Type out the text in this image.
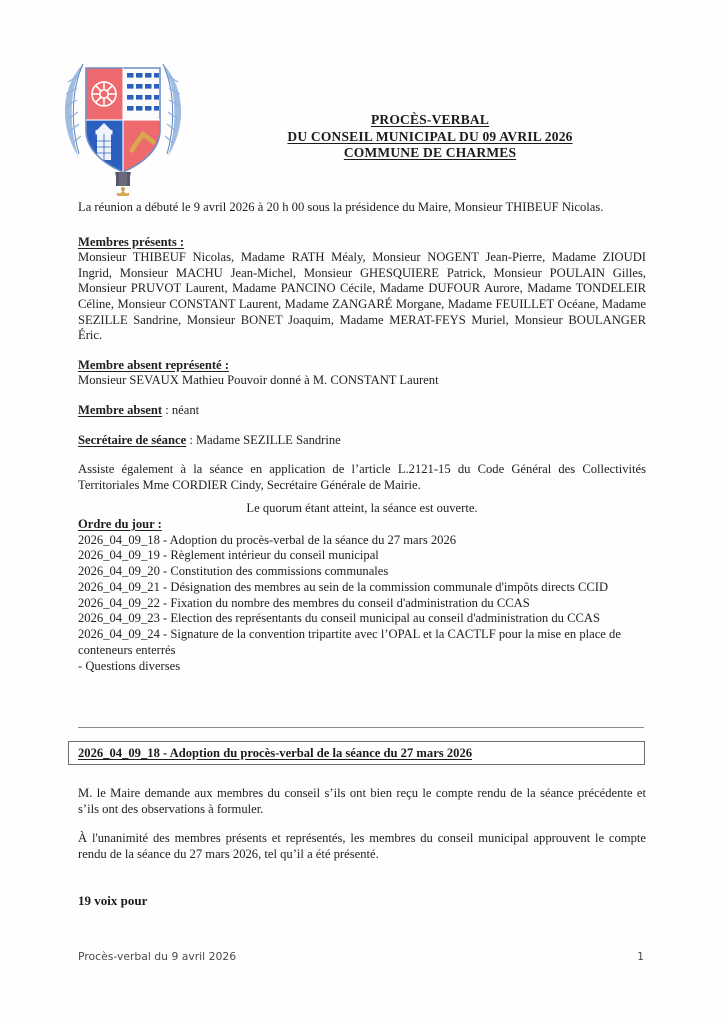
PROCÈS-VERBAL
DU CONSEIL MUNICIPAL DU 09 AVRIL 2026
COMMUNE DE CHARMES

La réunion a débuté le 9 avril 2026 à 20 h 00 sous la présidence du Maire, Monsieur THIBEUF Nicolas.

Membres présents :

Monsieur THIBEUF Nicolas, Madame RATH Méaly, Monsieur NOGENT Jean-Pierre, Madame ZIOUDI Ingrid, Monsieur MACHU Jean-Michel, Monsieur GHESQUIERE Patrick, Monsieur POULAIN Gilles, Monsieur PRUVOT Laurent, Madame PANCINO Cécile, Madame DUFOUR Aurore, Madame TONDELEIR Céline, Monsieur CONSTANT Laurent, Madame ZANGARÉ Morgane, Madame FEUILLET Océane, Madame SEZILLE Sandrine, Monsieur BONET Joaquim, Madame MERAT-FEYS Muriel, Monsieur BOULANGER Éric.

Membre absent représenté :

Monsieur SEVAUX Mathieu Pouvoir donné à M. CONSTANT Laurent

Membre absent : néant

Secrétaire de séance : Madame SEZILLE Sandrine

Assiste également à la séance en application de l’article L.2121-15 du Code Général des Collectivités Territoriales Mme CORDIER Cindy, Secrétaire Générale de Mairie.

Le quorum étant atteint, la séance est ouverte.

Ordre du jour :

2026_04_09_18 - Adoption du procès-verbal de la séance du 27 mars 2026

2026_04_09_19 - Règlement intérieur du conseil municipal

2026_04_09_20 - Constitution des commissions communales

2026_04_09_21 - Désignation des membres au sein de la commission communale d'impôts directs CCID

2026_04_09_22 - Fixation du nombre des membres du conseil d'administration du CCAS

2026_04_09_23 - Election des représentants du conseil municipal au conseil d'administration du CCAS

2026_04_09_24 - Signature de la convention tripartite avec l’OPAL et la CACTLF pour la mise en place de conteneurs enterrés

- Questions diverses

2026_04_09_18 - Adoption du procès-verbal de la séance du 27 mars 2026

M. le Maire demande aux membres du conseil s’ils ont bien reçu le compte rendu de la séance précédente et s’ils ont des observations à formuler.

À l'unanimité des membres présents et représentés, les membres du conseil municipal approuvent le compte rendu de la séance du 27 mars 2026, tel qu’il a été présenté.

19 voix pour
Procès-verbal du 9 avril 2026	1
